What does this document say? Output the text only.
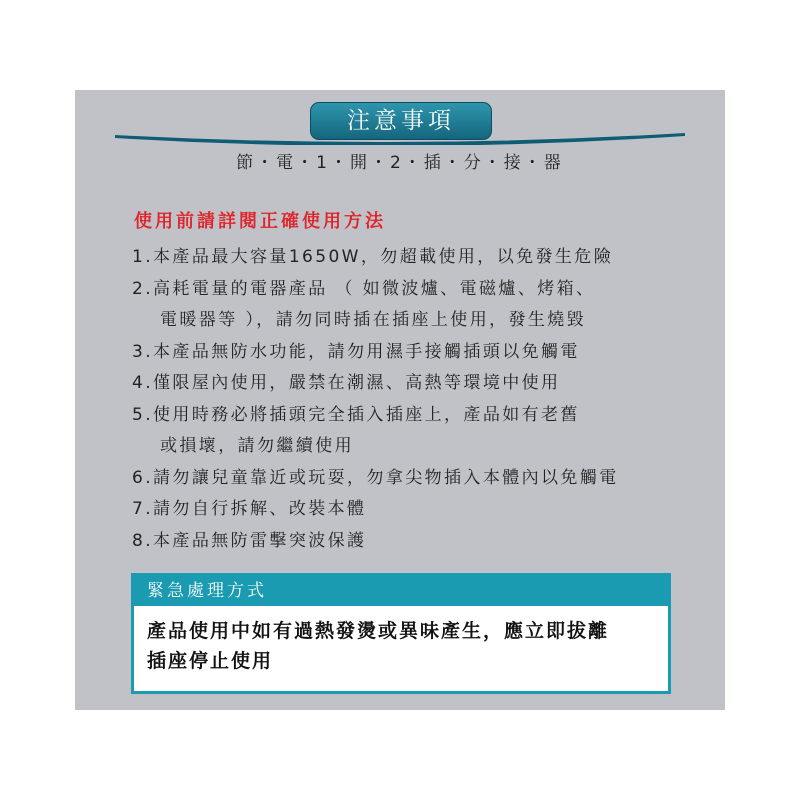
注意事項
節・電・1・開・2・插・分・接・器
使用前請詳閱正確使用方法
1.本產品最大容量1650W，勿超載使用，以免發生危險
2.高耗電量的電器產品 （ 如微波爐、電磁爐、烤箱、
電暖器等 ），請勿同時插在插座上使用，發生燒毀
3.本產品無防水功能，請勿用濕手接觸插頭以免觸電
4.僅限屋內使用，嚴禁在潮濕、高熱等環境中使用
5.使用時務必將插頭完全插入插座上，產品如有老舊
或損壞，請勿繼續使用
6.請勿讓兒童靠近或玩耍，勿拿尖物插入本體內以免觸電
7.請勿自行拆解、改裝本體
8.本產品無防雷擊突波保護
緊急處理方式
產品使用中如有過熱發燙或異味產生，應立即拔離
插座停止使用
